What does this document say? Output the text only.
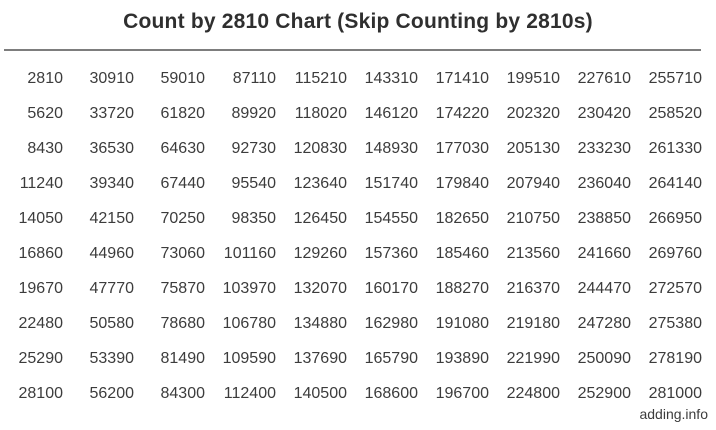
Count by 2810 Chart (Skip Counting by 2810s)
2810	30910	59010	87110	115210	143310	171410	199510	227610	255710
5620	33720	61820	89920	118020	146120	174220	202320	230420	258520
8430	36530	64630	92730	120830	148930	177030	205130	233230	261330
11240	39340	67440	95540	123640	151740	179840	207940	236040	264140
14050	42150	70250	98350	126450	154550	182650	210750	238850	266950
16860	44960	73060	101160	129260	157360	185460	213560	241660	269760
19670	47770	75870	103970	132070	160170	188270	216370	244470	272570
22480	50580	78680	106780	134880	162980	191080	219180	247280	275380
25290	53390	81490	109590	137690	165790	193890	221990	250090	278190
28100	56200	84300	112400	140500	168600	196700	224800	252900	281000
adding.info
